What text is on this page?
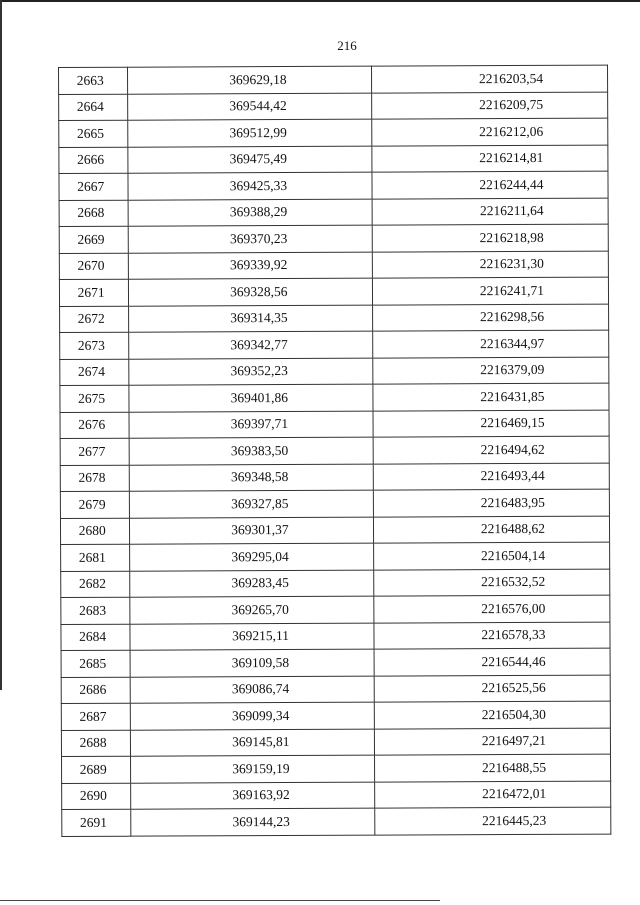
216
2663	369629,18	2216203,54
2664	369544,42	2216209,75
2665	369512,99	2216212,06
2666	369475,49	2216214,81
2667	369425,33	2216244,44
2668	369388,29	2216211,64
2669	369370,23	2216218,98
2670	369339,92	2216231,30
2671	369328,56	2216241,71
2672	369314,35	2216298,56
2673	369342,77	2216344,97
2674	369352,23	2216379,09
2675	369401,86	2216431,85
2676	369397,71	2216469,15
2677	369383,50	2216494,62
2678	369348,58	2216493,44
2679	369327,85	2216483,95
2680	369301,37	2216488,62
2681	369295,04	2216504,14
2682	369283,45	2216532,52
2683	369265,70	2216576,00
2684	369215,11	2216578,33
2685	369109,58	2216544,46
2686	369086,74	2216525,56
2687	369099,34	2216504,30
2688	369145,81	2216497,21
2689	369159,19	2216488,55
2690	369163,92	2216472,01
2691	369144,23	2216445,23
